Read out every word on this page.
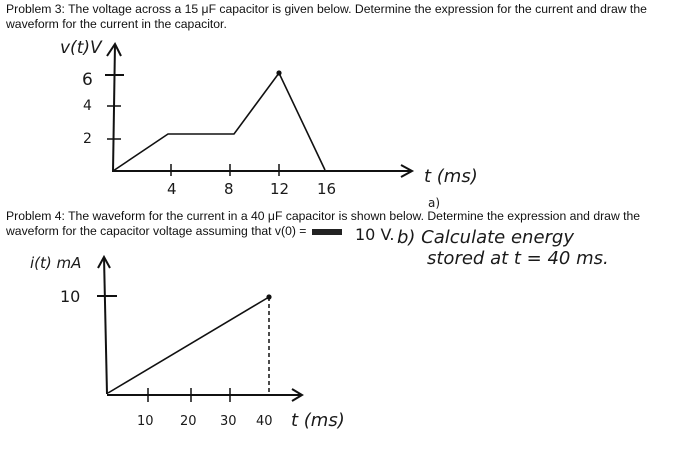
Problem 3: The voltage across a 15 μF capacitor is given below. Determine the expression for the current and draw the

waveform for the current in the capacitor.

v(t)V
6
4
2
4	8 12 16
t (ms)
a)

Problem 4: The waveform for the current in a 40 μF capacitor is shown below. Determine the expression and draw the

waveform for the capacitor voltage assuming that v(0) =	10 V. b) Calculate energy
stored at t = 40 ms.
i(t) mA
10
10 20 30 40 t (ms)
